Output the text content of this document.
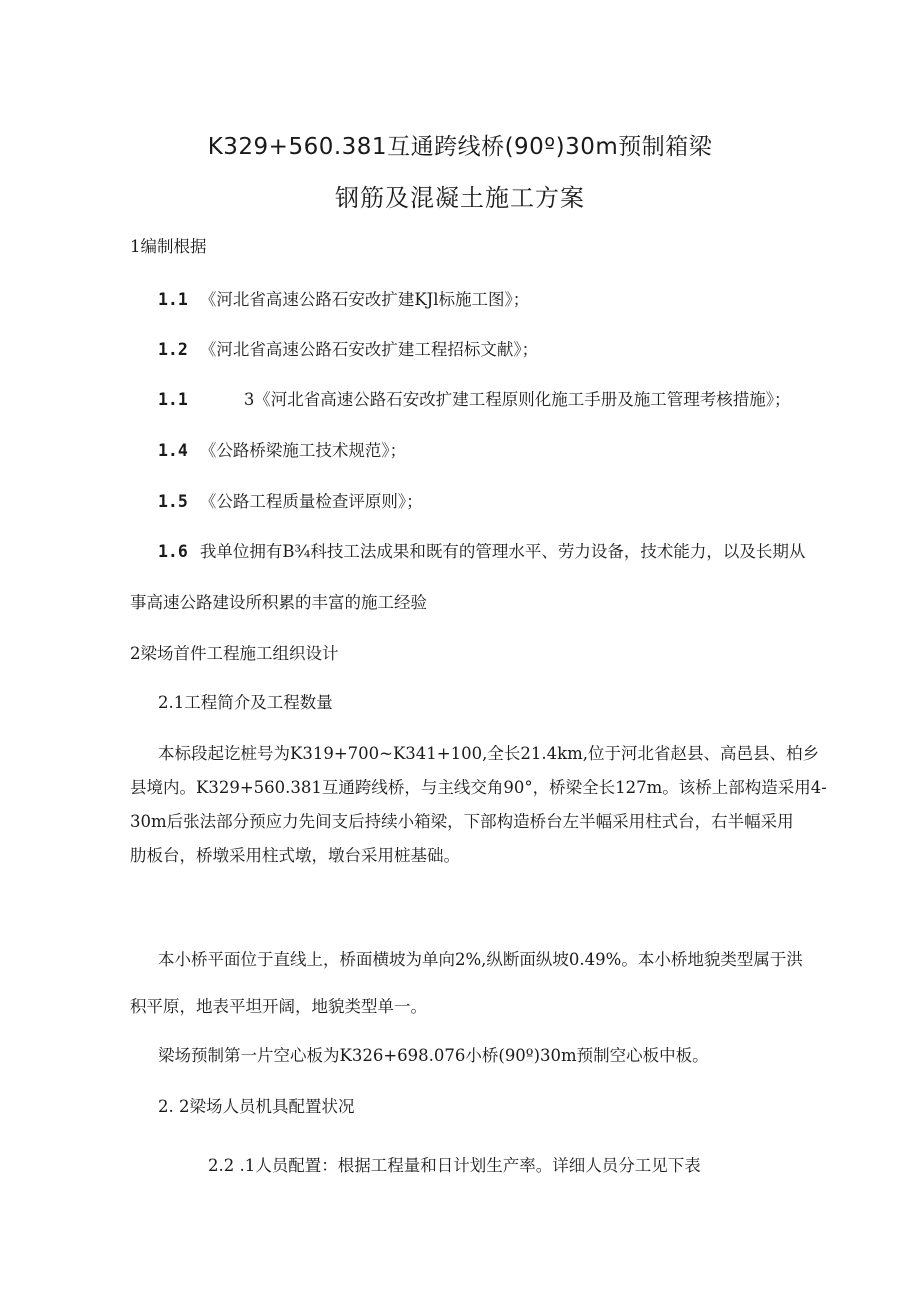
K329+560.381互通跨线桥(90º)30m预制箱梁
钢筋及混凝土施工方案
1编制根据
1.1 《河北省高速公路石安改扩建KJl标施工图》；
1.2 《河北省高速公路石安改扩建工程招标文献》；
1.1	3《河北省高速公路石安改扩建工程原则化施工手册及施工管理考核措施》；
1.4 《公路桥梁施工技术规范》；
1.5 《公路工程质量检查评原则》；
1.6 我单位拥有B¾科技工法成果和既有的管理水平、劳力设备，技术能力，以及长期从
事高速公路建设所积累的丰富的施工经验
2梁场首件工程施工组织设计
2.1工程简介及工程数量
本标段起讫桩号为K319+700~K341+100,全长21.4km,位于河北省赵县、高邑县、柏乡
县境内。K329+560.381互通跨线桥，与主线交角90°，桥梁全长127m。该桥上部构造采用4-
30m后张法部分预应力先间支后持续小箱梁，下部构造桥台左半幅采用柱式台，右半幅采用
肋板台，桥墩采用柱式墩，墩台采用桩基础。
本小桥平面位于直线上，桥面横坡为单向2%,纵断面纵坡0.49%。本小桥地貌类型属于洪
积平原，地表平坦开阔，地貌类型单一。
梁场预制第一片空心板为K326+698.076小桥(90º)30m预制空心板中板。
2. 2梁场人员机具配置状况
2.2 .1人员配置：根据工程量和日计划生产率。详细人员分工见下表
